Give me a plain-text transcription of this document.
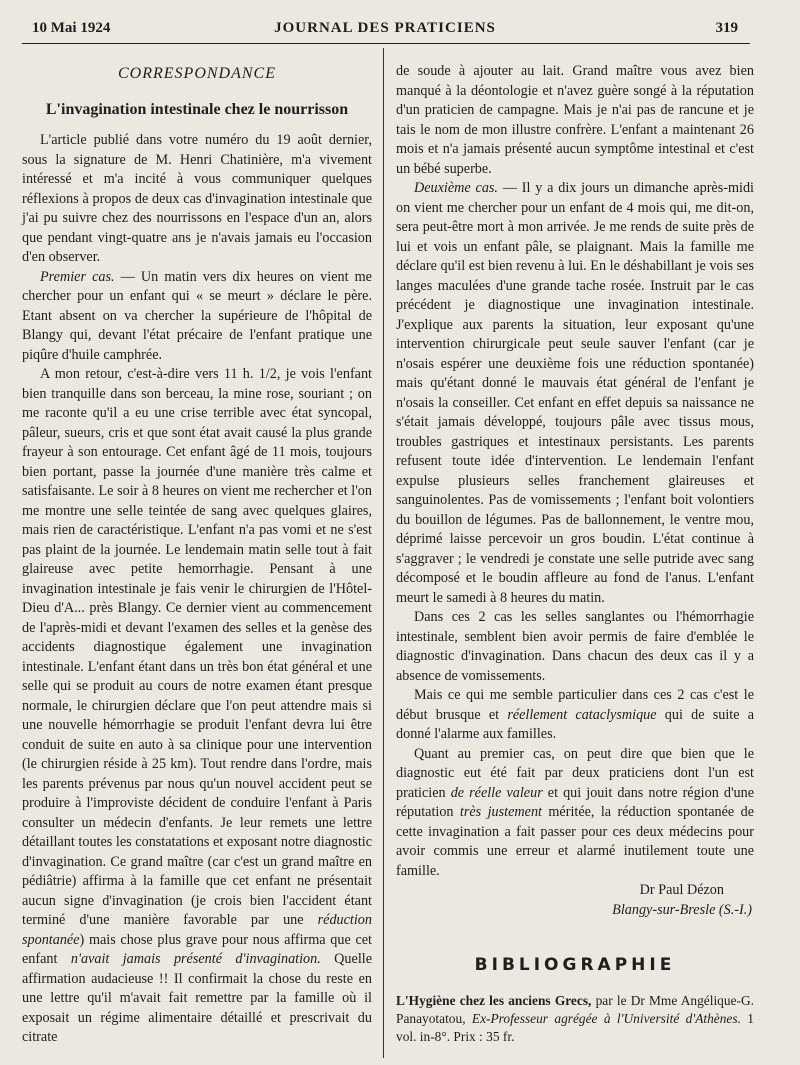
10 Mai 1924	JOURNAL DES PRATICIENS	319
CORRESPONDANCE
L'invagination intestinale chez le nourrisson

L'article publié dans votre numéro du 19 août dernier, sous la signature de M. Henri Chatinière, m'a vivement intéressé et m'a incité à vous communiquer quelques réflexions à propos de deux cas d'invagination intestinale que j'ai pu suivre chez des nourrissons en l'espace d'un an, alors que pendant vingt-quatre ans je n'avais jamais eu l'occasion d'en observer.

Premier cas. — Un matin vers dix heures on vient me chercher pour un enfant qui « se meurt » déclare le père. Etant absent on va chercher la supérieure de l'hôpital de Blangy qui, devant l'état précaire de l'enfant pratique une piqûre d'huile camphrée.

A mon retour, c'est-à-dire vers 11 h. 1/2, je vois l'enfant bien tranquille dans son berceau, la mine rose, souriant ; on me raconte qu'il a eu une crise terrible avec état syncopal, pâleur, sueurs, cris et que sont état avait causé la plus grande frayeur à son entourage. Cet enfant âgé de 11 mois, toujours bien portant, passe la journée d'une manière très calme et satisfaisante. Le soir à 8 heures on vient me rechercher et l'on me montre une selle teintée de sang avec quelques glaires, mais rien de caractéristique. L'enfant n'a pas vomi et ne s'est pas plaint de la journée. Le lendemain matin selle tout à fait glaireuse avec petite hemorrhagie. Pensant à une invagination intestinale je fais venir le chirurgien de l'Hôtel-Dieu d'A... près Blangy. Ce dernier vient au commencement de l'après-midi et devant l'examen des selles et la genèse des accidents diagnostique également une invagination intestinale. L'enfant étant dans un très bon état général et une selle qui se produit au cours de notre examen étant presque normale, le chirurgien déclare que l'on peut attendre mais si une nouvelle hémorrhagie se produit l'enfant devra lui être conduit de suite en auto à sa clinique pour une intervention (le chirurgien réside à 25 km). Tout rendre dans l'ordre, mais les parents prévenus par nous qu'un nouvel accident peut se produire à l'improviste décident de conduire l'enfant à Paris consulter un médecin d'enfants. Je leur remets une lettre détaillant toutes les constatations et exposant notre diagnostic d'invagination. Ce grand maître (car c'est un grand maître en pédiâtrie) affirma à la famille que cet enfant ne présentait aucun signe d'invagination (je crois bien l'accident étant terminé d'une manière favorable par une réduction spontanée) mais chose plus grave pour nous affirma que cet enfant n'avait jamais présenté d'invagination. Quelle affirmation audacieuse !! Il confirmait la chose du reste en une lettre qu'il m'avait fait remettre par la famille où il exposait un régime alimentaire détaillé et prescrivait du citrate

de soude à ajouter au lait. Grand maître vous avez bien manqué à la déontologie et n'avez guère songé à la réputation d'un praticien de campagne. Mais je n'ai pas de rancune et je tais le nom de mon illustre confrère. L'enfant a maintenant 26 mois et n'a jamais présenté aucun symptôme intestinal et c'est un bébé superbe.

Deuxième cas. — Il y a dix jours un dimanche après-midi on vient me chercher pour un enfant de 4 mois qui, me dit-on, sera peut-être mort à mon arrivée. Je me rends de suite près de lui et vois un enfant pâle, se plaignant. Mais la famille me déclare qu'il est bien revenu à lui. En le déshabillant je vois ses langes maculées d'une grande tache rosée. Instruit par le cas précédent je diagnostique une invagination intestinale. J'explique aux parents la situation, leur exposant qu'une intervention chirurgicale peut seule sauver l'enfant (car je n'osais espérer une deuxième fois une réduction spontanée) mais qu'étant donné le mauvais état général de l'enfant je n'osais la conseiller. Cet enfant en effet depuis sa naissance ne s'était jamais développé, toujours pâle avec tissus mous, troubles gastriques et intestinaux persistants. Les parents refusent toute idée d'intervention. Le lendemain l'enfant expulse plusieurs selles franchement glaireuses et sanguinolentes. Pas de vomissements ; l'enfant boit volontiers du bouillon de légumes. Pas de ballonnement, le ventre mou, déprimé laisse percevoir un gros boudin. L'état continue à s'aggraver ; le vendredi je constate une selle putride avec sang décomposé et le boudin affleure au fond de l'anus. L'enfant meurt le samedi à 8 heures du matin.

Dans ces 2 cas les selles sanglantes ou l'hémorrhagie intestinale, semblent bien avoir permis de faire d'emblée le diagnostic d'invagination. Dans chacun des deux cas il y a absence de vomissements.

Mais ce qui me semble particulier dans ces 2 cas c'est le début brusque et réellement cataclysmique qui de suite a donné l'alarme aux familles.

Quant au premier cas, on peut dire que bien que le diagnostic eut été fait par deux praticiens dont l'un est praticien de réelle valeur et qui jouit dans notre région d'une réputation très justement méritée, la réduction spontanée de cette invagination a fait passer pour ces deux médecins pour avoir commis une erreur et alarmé inutilement toute une famille.

Dr Paul Dézon
Blangy-sur-Bresle (S.-I.)
BIBLIOGRAPHIE
L'Hygiène chez les anciens Grecs, par le Dr Mme Angélique-G. Panayotatou, Ex-Professeur agrégée à l'Université d'Athènes. 1 vol. in-8°. Prix : 35 fr.
